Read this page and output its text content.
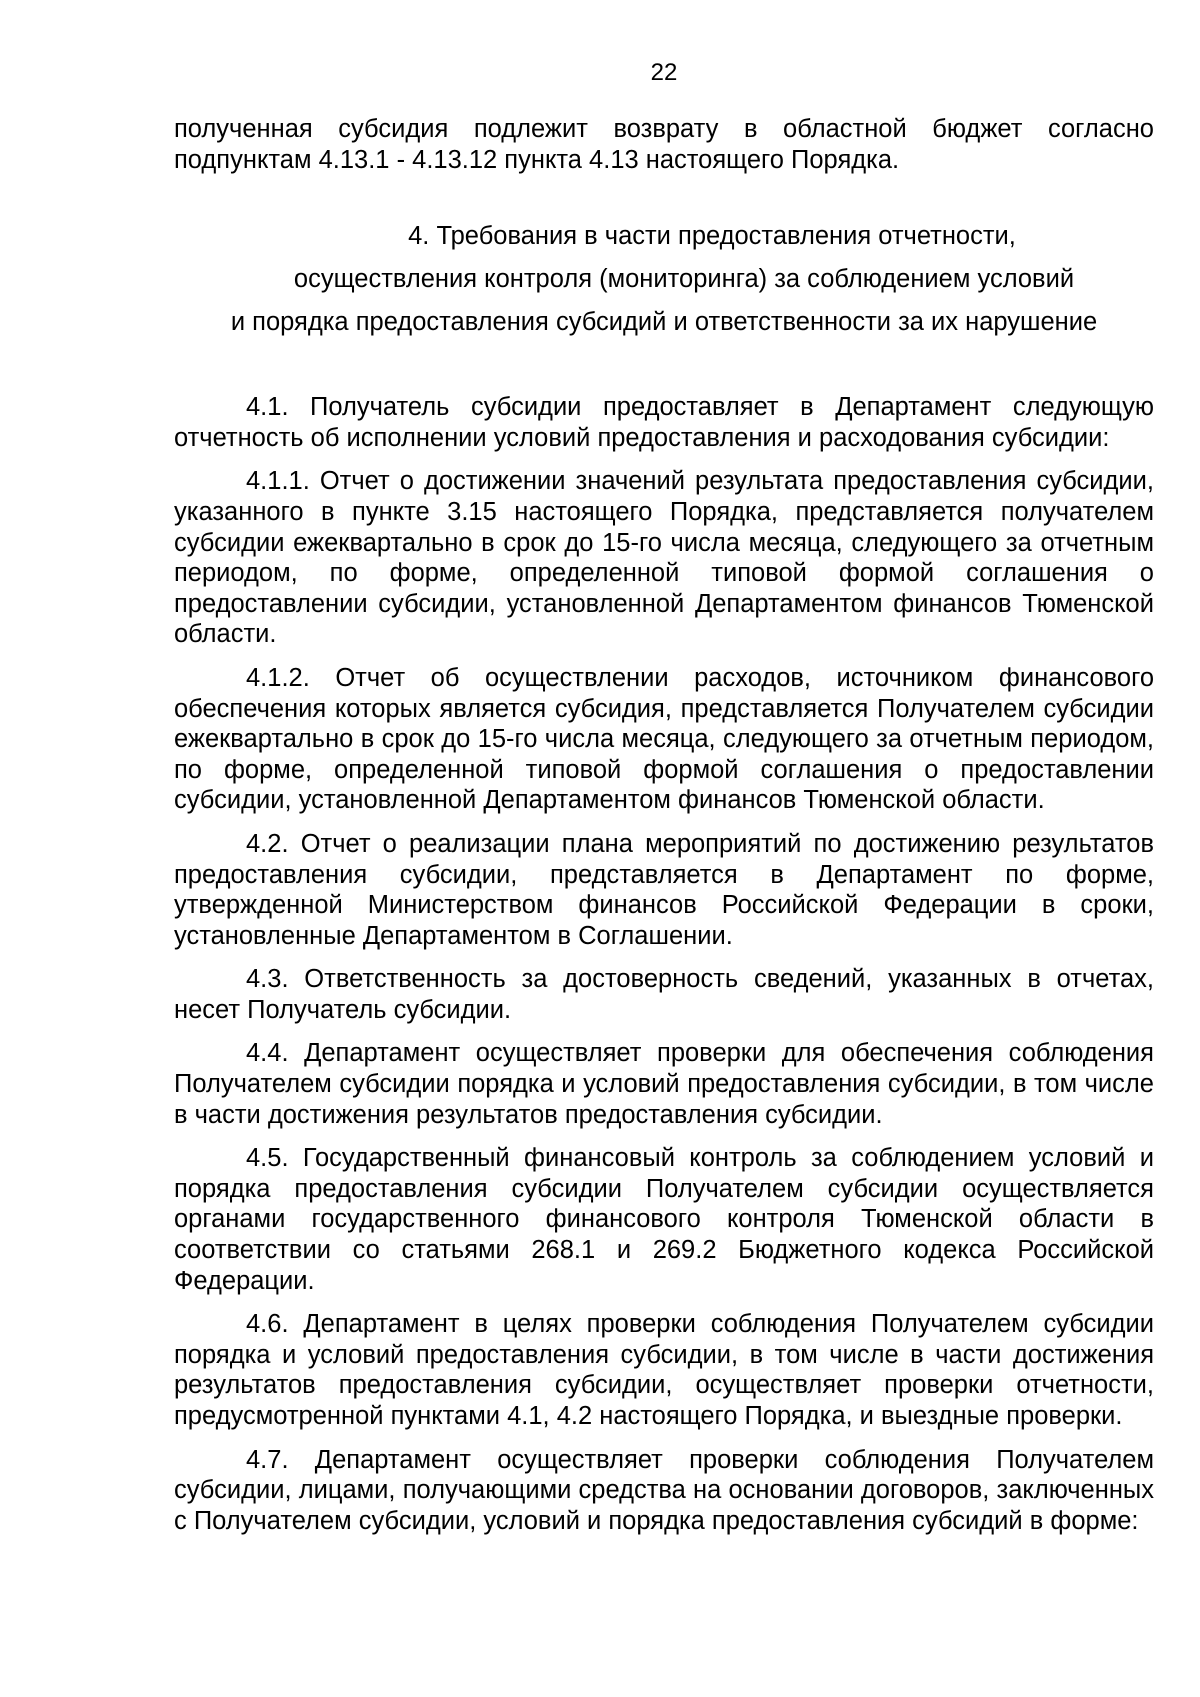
22

полученная субсидия подлежит возврату в областной бюджет согласно подпунктам 4.13.1 - 4.13.12 пункта 4.13 настоящего Порядка.

4. Требования в части предоставления отчетности,
осуществления контроля (мониторинга) за соблюдением условий
и порядка предоставления субсидий и ответственности за их нарушение

4.1. Получатель субсидии предоставляет в Департамент следующую отчетность об исполнении условий предоставления и расходования субсидии:

4.1.1. Отчет о достижении значений результата предоставления субсидии, указанного в пункте 3.15 настоящего Порядка, представляется получателем субсидии ежеквартально в срок до 15-го числа месяца, следующего за отчетным периодом, по форме, определенной типовой формой соглашения о предоставлении субсидии, установленной Департаментом финансов Тюменской области.

4.1.2. Отчет об осуществлении расходов, источником финансового обеспечения которых является субсидия, представляется Получателем субсидии ежеквартально в срок до 15-го числа месяца, следующего за отчетным периодом, по форме, определенной типовой формой соглашения о предоставлении субсидии, установленной Департаментом финансов Тюменской области.

4.2. Отчет о реализации плана мероприятий по достижению результатов предоставления субсидии, представляется в Департамент по форме, утвержденной Министерством финансов Российской Федерации в сроки, установленные Департаментом в Соглашении.

4.3. Ответственность за достоверность сведений, указанных в отчетах, несет Получатель субсидии.

4.4. Департамент осуществляет проверки для обеспечения соблюдения Получателем субсидии порядка и условий предоставления субсидии, в том числе в части достижения результатов предоставления субсидии.

4.5. Государственный финансовый контроль за соблюдением условий и порядка предоставления субсидии Получателем субсидии осуществляется органами государственного финансового контроля Тюменской области в соответствии со статьями 268.1 и 269.2 Бюджетного кодекса Российской Федерации.

4.6. Департамент в целях проверки соблюдения Получателем субсидии порядка и условий предоставления субсидии, в том числе в части достижения результатов предоставления субсидии, осуществляет проверки отчетности, предусмотренной пунктами 4.1, 4.2 настоящего Порядка, и выездные проверки.

4.7. Департамент осуществляет проверки соблюдения Получателем субсидии, лицами, получающими средства на основании договоров, заключенных с Получателем субсидии, условий и порядка предоставления субсидий в форме:
